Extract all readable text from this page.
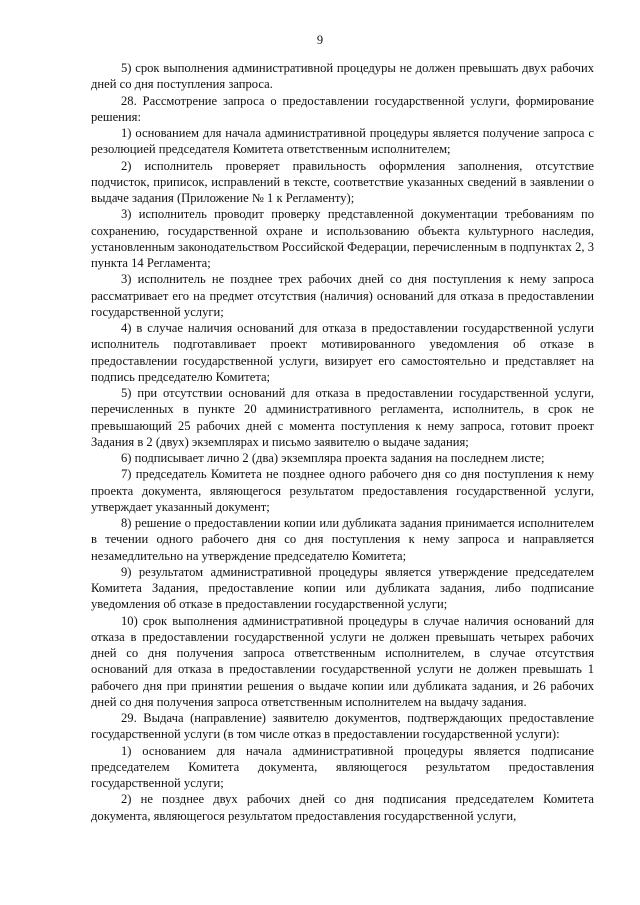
9

5) срок выполнения административной процедуры не должен превышать двух рабочих дней со дня поступления запроса.

28. Рассмотрение запроса о предоставлении государственной услуги, формирование решения:

1) основанием для начала административной процедуры является получение запроса с резолюцией председателя Комитета ответственным исполнителем;

2) исполнитель проверяет правильность оформления заполнения, отсутствие подчисток, приписок, исправлений в тексте, соответствие указанных сведений в заявлении о выдаче задания (Приложение № 1 к Регламенту);

3) исполнитель проводит проверку представленной документации требованиям по сохранению, государственной охране и использованию объекта культурного наследия, установленным законодательством Российской Федерации, перечисленным в подпунктах 2, 3 пункта 14 Регламента;

3) исполнитель не позднее трех рабочих дней со дня поступления к нему запроса рассматривает его на предмет отсутствия (наличия) оснований для отказа в предоставлении государственной услуги;

4) в случае наличия оснований для отказа в предоставлении государственной услуги исполнитель подготавливает проект мотивированного уведомления об отказе в предоставлении государственной услуги, визирует его самостоятельно и представляет на подпись председателю Комитета;

5) при отсутствии оснований для отказа в предоставлении государственной услуги, перечисленных в пункте 20 административного регламента, исполнитель, в срок не превышающий 25 рабочих дней с момента поступления к нему запроса, готовит проект Задания в 2 (двух) экземплярах и письмо заявителю о выдаче задания;

6) подписывает лично 2 (два) экземпляра проекта задания на последнем листе;

7) председатель Комитета не позднее одного рабочего дня со дня поступления к нему проекта документа, являющегося результатом предоставления государственной услуги, утверждает указанный документ;

8) решение о предоставлении копии или дубликата задания принимается исполнителем в течении одного рабочего дня со дня поступления к нему запроса и направляется незамедлительно на утверждение председателю Комитета;

9) результатом административной процедуры является утверждение председателем Комитета Задания, предоставление копии или дубликата задания, либо подписание уведомления об отказе в предоставлении государственной услуги;

10) срок выполнения административной процедуры в случае наличия оснований для отказа в предоставлении государственной услуги не должен превышать четырех рабочих дней со дня получения запроса ответственным исполнителем, в случае отсутствия оснований для отказа в предоставлении государственной услуги не должен превышать 1 рабочего дня при принятии решения о выдаче копии или дубликата задания, и 26 рабочих дней со дня получения запроса ответственным исполнителем на выдачу задания.

29. Выдача (направление) заявителю документов, подтверждающих предоставление государственной услуги (в том числе отказ в предоставлении государственной услуги):

1) основанием для начала административной процедуры является подписание председателем Комитета документа, являющегося результатом предоставления государственной услуги;

2) не позднее двух рабочих дней со дня подписания председателем Комитета документа, являющегося результатом предоставления государственной услуги,
